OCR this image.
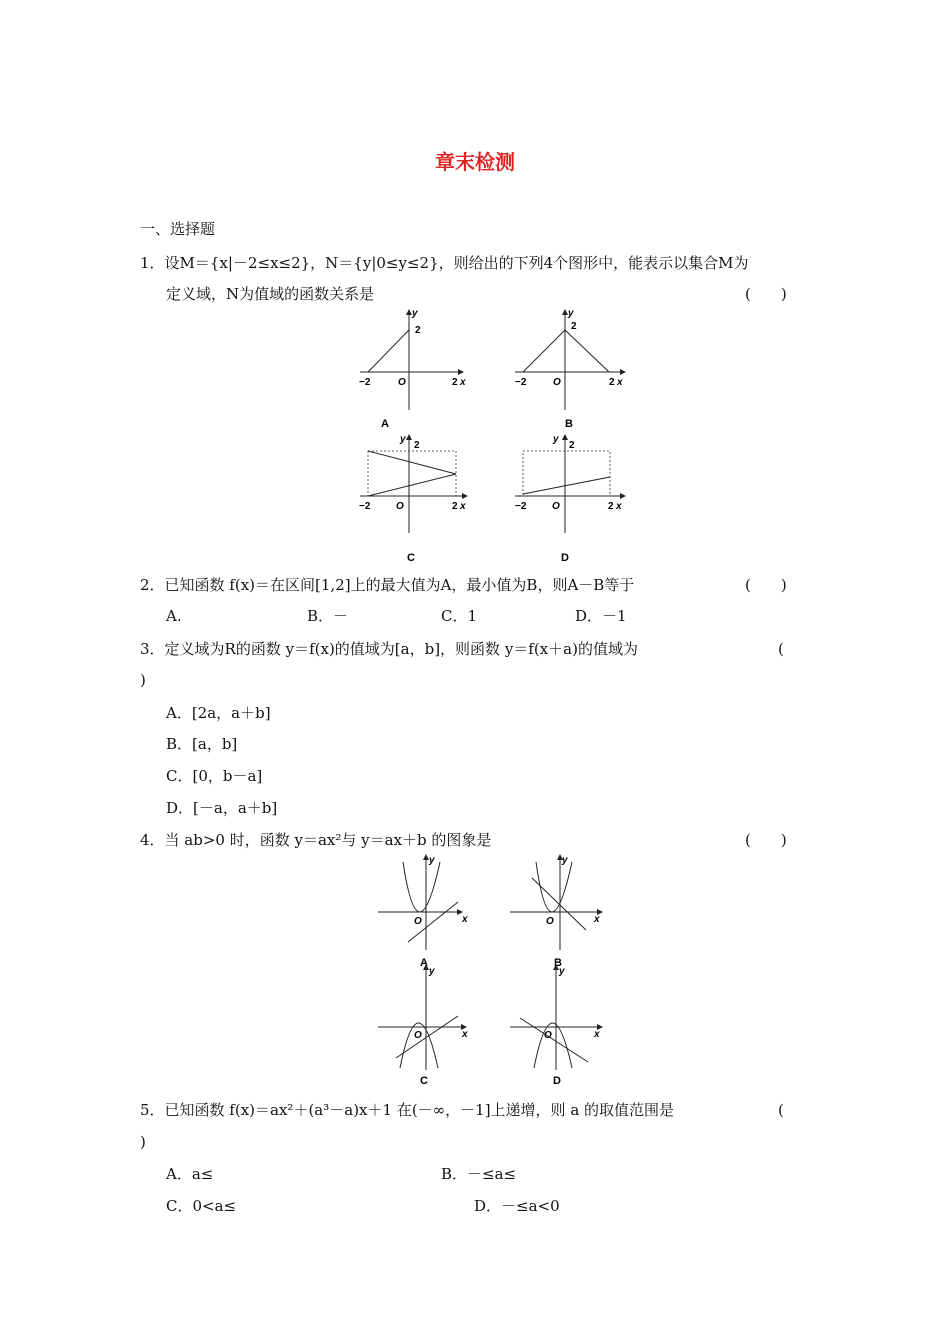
章末检测
一、选择题
1．设M＝{x|－2≤x≤2}，N＝{y|0≤y≤2}，则给出的下列4个图形中，能表示以集合M为
定义域，N为值域的函数关系是	(　　)
y
2
−2	O	2 x
A
y
2
−2	O	2 x
B
y
2
−2	O	2 x
C
y
2
−2	O	2 x
D
2．已知函数 f(x)＝在区间[1,2]上的最大值为A，最小值为B，则A－B等于	(　　)
A.	B．－	C．1	D．－1
3．定义域为R的函数 y＝f(x)的值域为[a，b]，则函数 y＝f(x＋a)的值域为	(
)
A．[2a，a＋b]
B．[a，b]
C．[0，b－a]
D．[－a，a＋b]
4．当 ab>0 时，函数 y＝ax²与 y＝ax＋b 的图象是	(　　)
y
O	x
A
y
O	x
B
y
O	x
C
y
O	x
D
5．已知函数 f(x)＝ax²＋(a³－a)x＋1 在(－∞，－1]上递增，则 a 的取值范围是	(
)
A．a≤	B．－≤a≤
C．0<a≤	D．－≤a<0
